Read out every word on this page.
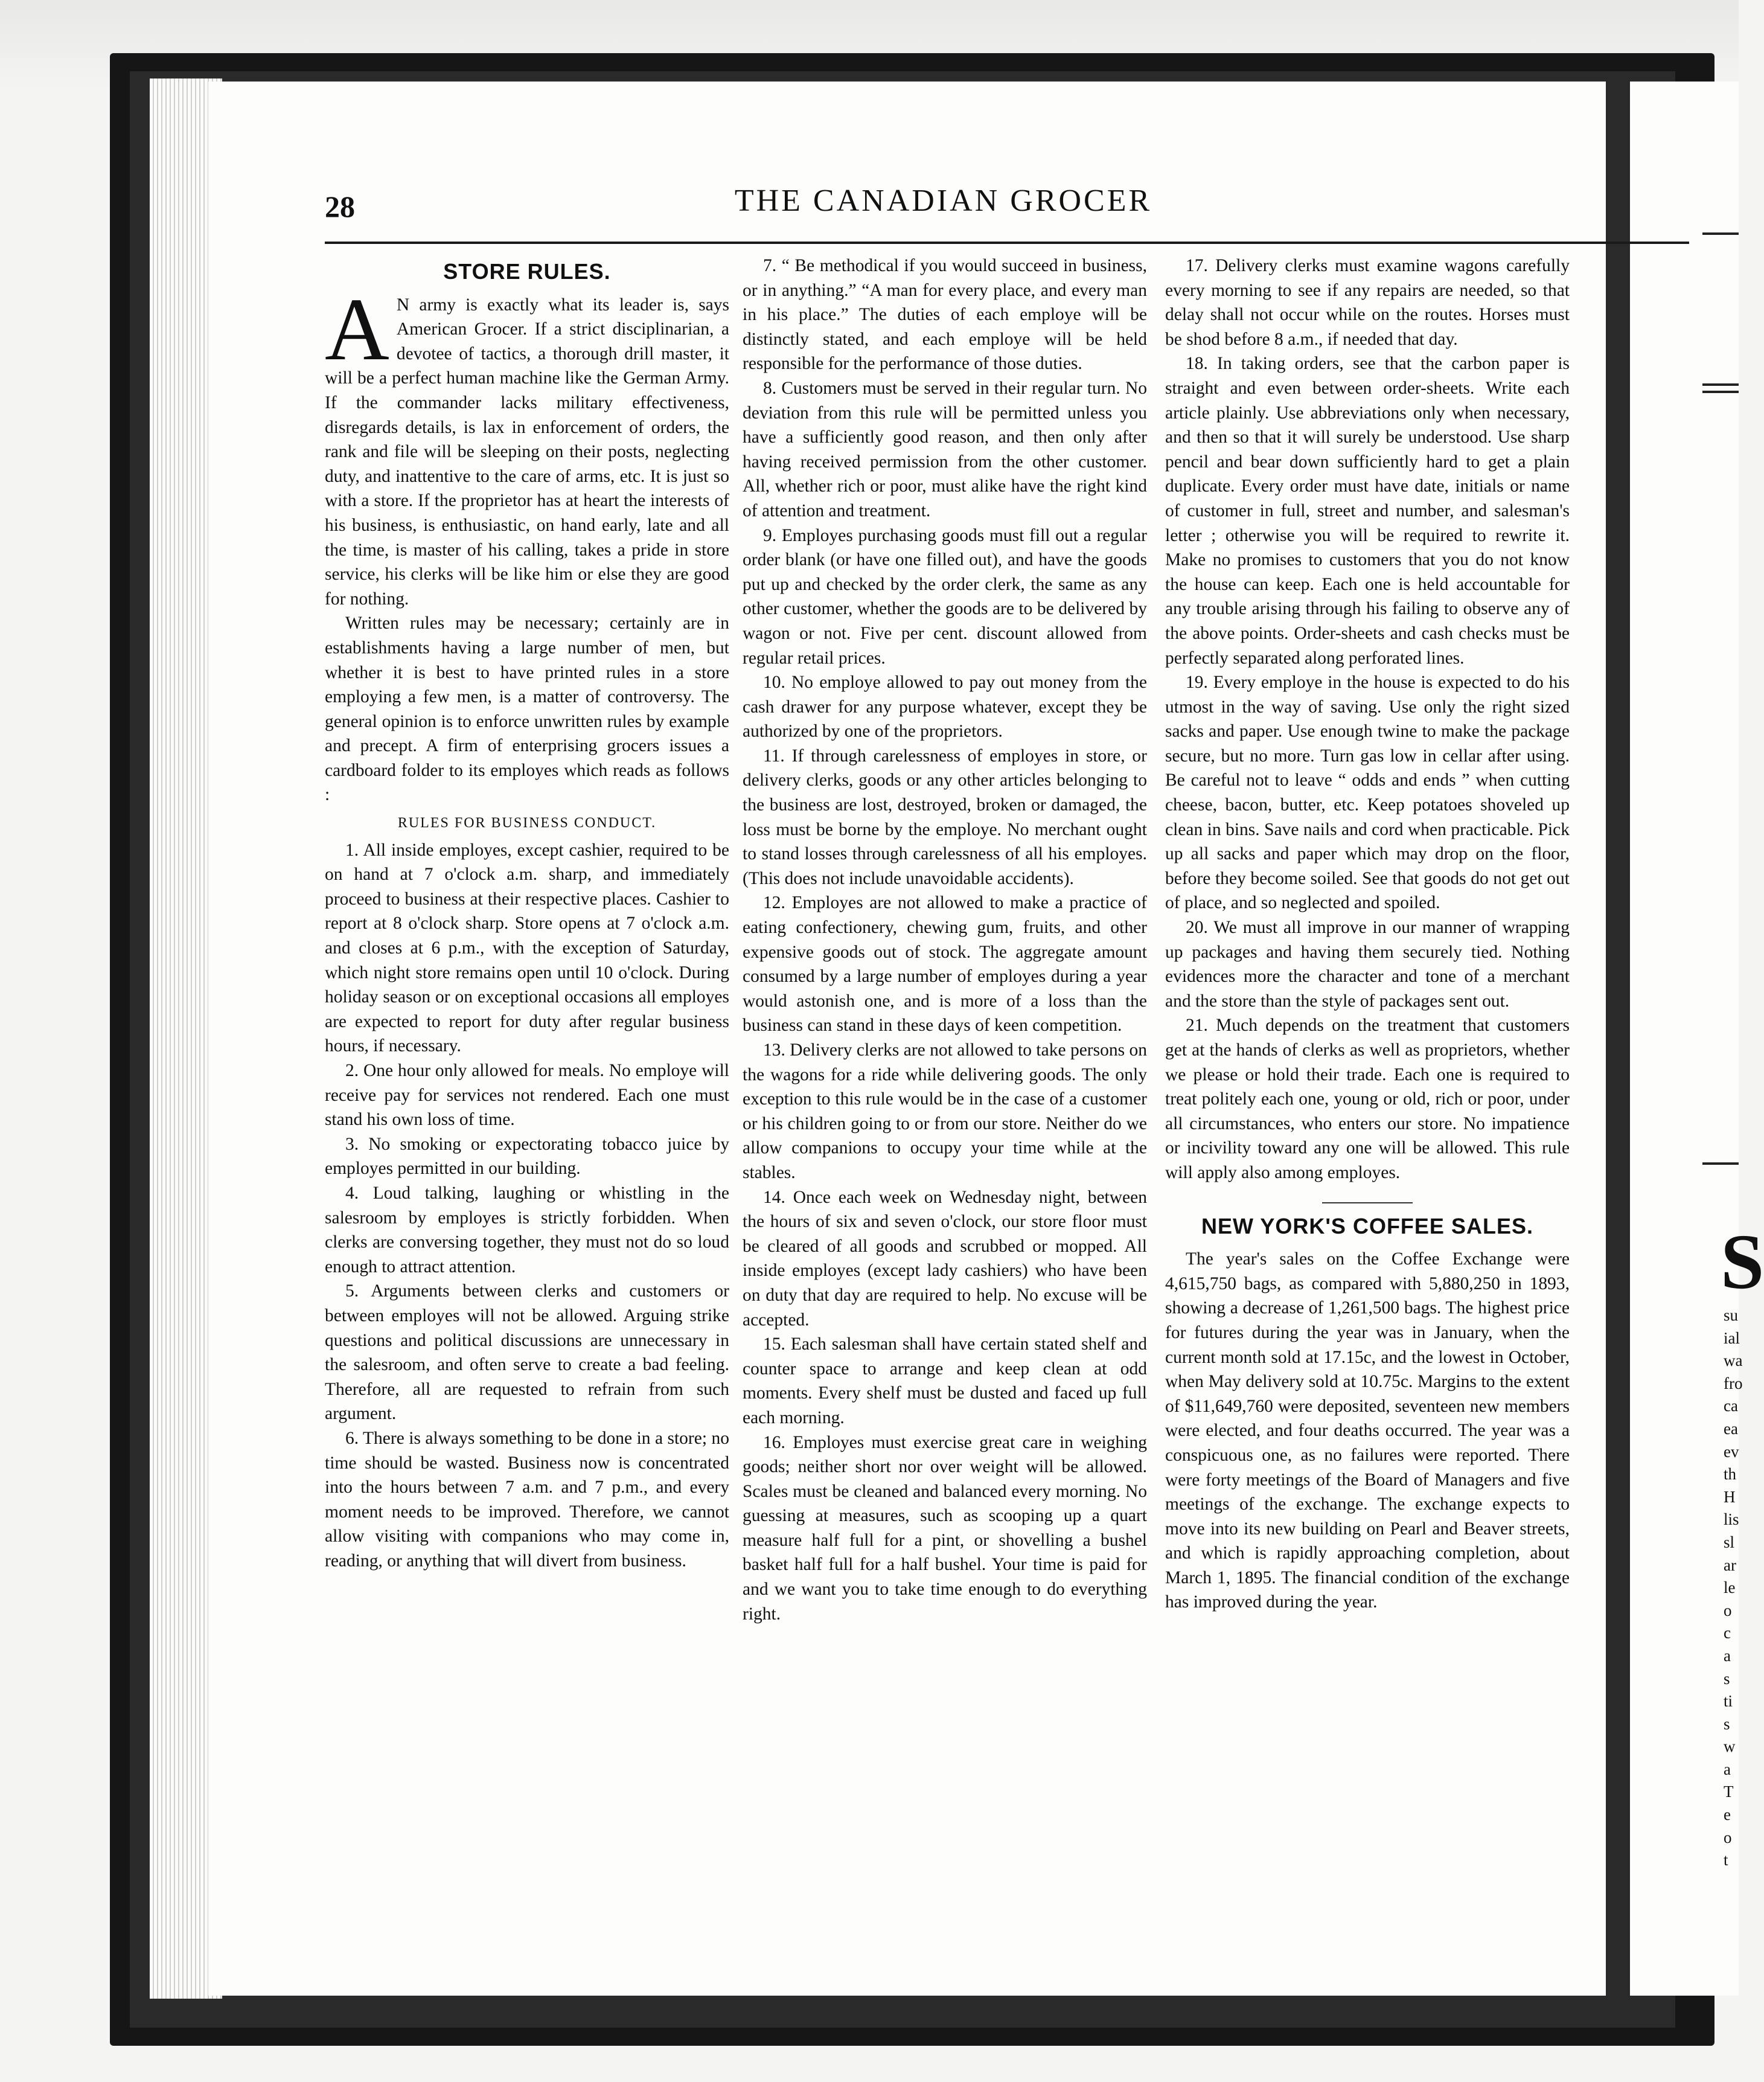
S
su
ial
wa
fro
ca
ea
ev
th
H
lis
sl
ar
le
o
c
a
s
ti
s
w
a
T
e
o
t
28	THE CANADIAN GROCER
STORE RULES.

A N army is exactly what its leader is, says American Grocer. If a strict disciplinarian, a devotee of tactics, a thorough drill master, it will be a perfect human machine like the German Army. If the commander lacks military effectiveness, disregards details, is lax in enforcement of orders, the rank and file will be sleeping on their posts, neglecting duty, and inattentive to the care of arms, etc. It is just so with a store. If the proprietor has at heart the interests of his business, is enthusiastic, on hand early, late and all the time, is master of his calling, takes a pride in store service, his clerks will be like him or else they are good for nothing.

Written rules may be necessary; certainly are in establishments having a large number of men, but whether it is best to have printed rules in a store employing a few men, is a matter of controversy. The general opinion is to enforce unwritten rules by example and precept. A firm of enterprising grocers issues a cardboard folder to its employes which reads as follows :

RULES FOR BUSINESS CONDUCT.

1. All inside employes, except cashier, required to be on hand at 7 o'clock a.m. sharp, and immediately proceed to business at their respective places. Cashier to report at 8 o'clock sharp. Store opens at 7 o'clock a.m. and closes at 6 p.m., with the exception of Saturday, which night store remains open until 10 o'clock. During holiday season or on exceptional occasions all employes are expected to report for duty after regular business hours, if necessary.

2. One hour only allowed for meals. No employe will receive pay for services not rendered. Each one must stand his own loss of time.

3. No smoking or expectorating tobacco juice by employes permitted in our building.

4. Loud talking, laughing or whistling in the salesroom by employes is strictly forbidden. When clerks are conversing together, they must not do so loud enough to attract attention.

5. Arguments between clerks and customers or between employes will not be allowed. Arguing strike questions and political discussions are unnecessary in the salesroom, and often serve to create a bad feeling. Therefore, all are requested to refrain from such argument.

6. There is always something to be done in a store; no time should be wasted. Business now is concentrated into the hours between 7 a.m. and 7 p.m., and every moment needs to be improved. Therefore, we cannot allow visiting with companions who may come in, reading, or anything that will divert from business.

7. “ Be methodical if you would succeed in business, or in anything.” “A man for every place, and every man in his place.” The duties of each employe will be distinctly stated, and each employe will be held responsible for the performance of those duties.

8. Customers must be served in their regular turn. No deviation from this rule will be permitted unless you have a sufficiently good reason, and then only after having received permission from the other customer. All, whether rich or poor, must alike have the right kind of attention and treatment.

9. Employes purchasing goods must fill out a regular order blank (or have one filled out), and have the goods put up and checked by the order clerk, the same as any other customer, whether the goods are to be delivered by wagon or not. Five per cent. discount allowed from regular retail prices.

10. No employe allowed to pay out money from the cash drawer for any purpose whatever, except they be authorized by one of the proprietors.

11. If through carelessness of employes in store, or delivery clerks, goods or any other articles belonging to the business are lost, destroyed, broken or damaged, the loss must be borne by the employe. No merchant ought to stand losses through carelessness of all his employes. (This does not include unavoidable accidents).

12. Employes are not allowed to make a practice of eating confectionery, chewing gum, fruits, and other expensive goods out of stock. The aggregate amount consumed by a large number of employes during a year would astonish one, and is more of a loss than the business can stand in these days of keen competition.

13. Delivery clerks are not allowed to take persons on the wagons for a ride while delivering goods. The only exception to this rule would be in the case of a customer or his children going to or from our store. Neither do we allow companions to occupy your time while at the stables.

14. Once each week on Wednesday night, between the hours of six and seven o'clock, our store floor must be cleared of all goods and scrubbed or mopped. All inside employes (except lady cashiers) who have been on duty that day are required to help. No excuse will be accepted.

15. Each salesman shall have certain stated shelf and counter space to arrange and keep clean at odd moments. Every shelf must be dusted and faced up full each morning.

16. Employes must exercise great care in weighing goods; neither short nor over weight will be allowed. Scales must be cleaned and balanced every morning. No guessing at measures, such as scooping up a quart measure half full for a pint, or shovelling a bushel basket half full for a half bushel. Your time is paid for and we want you to take time enough to do everything right.

17. Delivery clerks must examine wagons carefully every morning to see if any repairs are needed, so that delay shall not occur while on the routes. Horses must be shod before 8 a.m., if needed that day.

18. In taking orders, see that the carbon paper is straight and even between order-sheets. Write each article plainly. Use abbreviations only when necessary, and then so that it will surely be understood. Use sharp pencil and bear down sufficiently hard to get a plain duplicate. Every order must have date, initials or name of customer in full, street and number, and salesman's letter ; otherwise you will be required to rewrite it. Make no promises to customers that you do not know the house can keep. Each one is held accountable for any trouble arising through his failing to observe any of the above points. Order-sheets and cash checks must be perfectly separated along perforated lines.

19. Every employe in the house is expected to do his utmost in the way of saving. Use only the right sized sacks and paper. Use enough twine to make the package secure, but no more. Turn gas low in cellar after using. Be careful not to leave “ odds and ends ” when cutting cheese, bacon, butter, etc. Keep potatoes shoveled up clean in bins. Save nails and cord when practicable. Pick up all sacks and paper which may drop on the floor, before they become soiled. See that goods do not get out of place, and so neglected and spoiled.

20. We must all improve in our manner of wrapping up packages and having them securely tied. Nothing evidences more the character and tone of a merchant and the store than the style of packages sent out.

21. Much depends on the treatment that customers get at the hands of clerks as well as proprietors, whether we please or hold their trade. Each one is required to treat politely each one, young or old, rich or poor, under all circumstances, who enters our store. No impatience or incivility toward any one will be allowed. This rule will apply also among employes.

NEW YORK'S COFFEE SALES.

The year's sales on the Coffee Exchange were 4,615,750 bags, as compared with 5,880,250 in 1893, showing a decrease of 1,261,500 bags. The highest price for futures during the year was in January, when the current month sold at 17.15c, and the lowest in October, when May delivery sold at 10.75c. Margins to the extent of $11,649,760 were deposited, seventeen new members were elected, and four deaths occurred. The year was a conspicuous one, as no failures were reported. There were forty meetings of the Board of Managers and five meetings of the exchange. The exchange expects to move into its new building on Pearl and Beaver streets, and which is rapidly approaching completion, about March 1, 1895. The financial condition of the exchange has improved during the year.
